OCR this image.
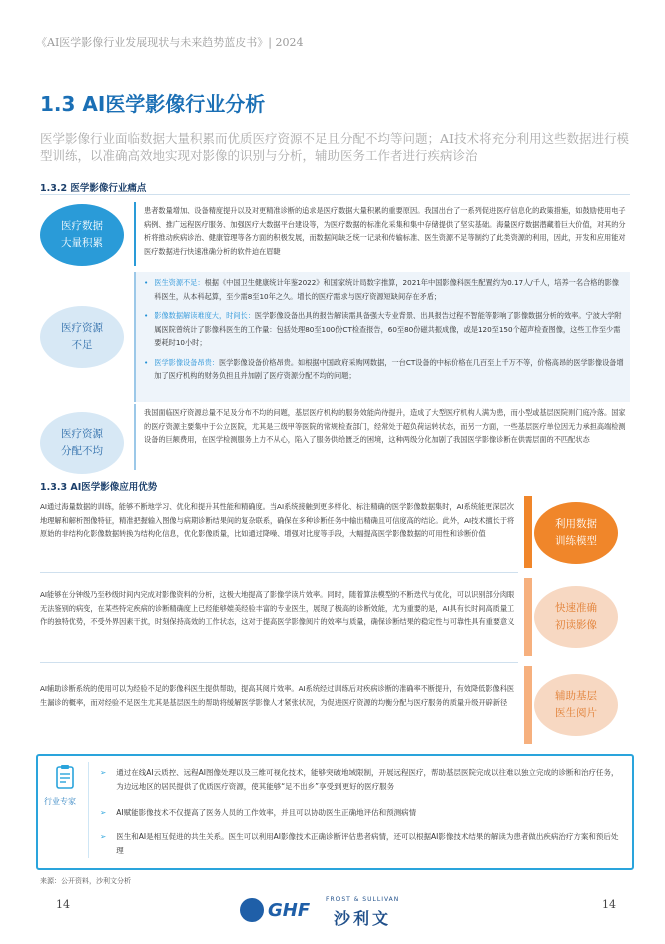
《AI医学影像行业发展现状与未来趋势蓝皮书》| 2024
1.3 AI医学影像行业分析
医学影像行业面临数据大量积累而优质医疗资源不足且分配不均等问题；AI技术将充分利用这些数据进行模型训练，以准确高效地实现对影像的识别与分析，辅助医务工作者进行疾病诊治
1.3.2 医学影像行业痛点
医疗数据
大量积累
患者数量增加、设备精度提升以及对更精准诊断的追求是医疗数据大量积累的重要原因。我国出台了一系列促进医疗信息化的政策措施，如鼓励使用电子病例、推广远程医疗服务、加强医疗大数据平台建设等，为医疗数据的标准化采集和集中存储提供了坚实基础。海量医疗数据潜藏着巨大价值，对其的分析将推动疾病诊治、健康管理等各方面的积极发展，而数据间缺乏统一记录和传输标准、医生资源不足等制约了此类资源的利用，因此，开发和应用能对医疗数据进行快速准确分析的软件迫在眉睫
医疗资源
不足
• 医生资源不足：根据《中国卫生健康统计年鉴2022》和国家统计局数字推算，2021年中国影像科医生配置约为0.17人/千人，培养一名合格的影像科医生，从本科起算，至少需8至10年之久。增长的医疗需求与医疗资源短缺间存在矛盾；
• 影像数据解读难度大，时间长：医学影像设备出具的报告解读需具备强大专业背景、出具报告过程不智能等影响了影像数据分析的效率。宁波大学附属医院曾统计了影像科医生的工作量：包括处理80至100份CT检查报告，60至80份磁共振成像，或是120至150个超声检查图像，这些工作至少需要耗时10小时；
• 医学影像设备昂贵：医学影像设备价格昂贵。如根据中国政府采购网数据，一台CT设备的中标价格在几百至上千万不等，价格高昂的医学影像设备增加了医疗机构的财务负担且并加剧了医疗资源分配不均的问题；
医疗资源
分配不均
我国面临医疗资源总量不足及分布不均的问题，基层医疗机构的服务效能尚待提升，造成了大型医疗机构人满为患，而小型或基层医院则门庭冷落。国家的医疗资源主要集中于公立医院，尤其是三级甲等医院的常规检查部门，经常处于超负荷运转状态，而另一方面，一些基层医疗单位因无力承担高端检测设备的巨额费用，在医学检测服务上力不从心，陷入了服务供给匮乏的困境，这种两级分化加剧了我国医学影像诊断在供需层面的不匹配状态
1.3.3 AI医学影像应用优势
AI通过海量数据的训练，能够不断地学习、优化和提升其性能和精确度。当AI系统接触到更多样化、标注精确的医学影像数据集时，AI系统能更深层次地理解和解析图像特征，精准把握输入图像与病期诊断结果间的复杂联系，确保在多种诊断任务中输出精确且可信度高的结论。此外，AI技术擅长于将原始的非结构化影像数据转换为结构化信息，优化影像质量，比如通过降噪、增强对比度等手段，大幅提高医学影像数据的可用性和诊断价值
利用数据
训练模型
AI能够在分钟级乃至秒级时间内完成对影像资料的分析，这极大地提高了影像学读片效率。同时，随着算法模型的不断迭代与优化，可以识别部分肉眼无法鉴别的病变，在某些特定疾病的诊断精确度上已经能够媲美经验丰富的专业医生，展现了极高的诊断效能，尤为重要的是，AI具有长时间高质量工作的独特优势，不受外界因素干扰，时刻保持高效的工作状态，这对于提高医学影像阅片的效率与质量，确保诊断结果的稳定性与可靠性具有重要意义
快速准确
初读影像
AI辅助诊断系统的使用可以为经验不足的影像科医生提供帮助，提高其阅片效率。AI系统经过训练后对疾病诊断的准确率不断提升，有效降低影像科医生漏诊的概率，而对经验不足医生尤其是基层医生的帮助将缓解医学影像人才紧张状况，为促进医疗资源的均衡分配与医疗服务的质量升级开辟新径	辅助基层
医生阅片
行业专家
➢ 通过在线AI云质控、远程AI图像处理以及三维可视化技术，能够突破地域限制，开展远程医疗，帮助基层医院完成以往难以独立完成的诊断和治疗任务，为边远地区的居民提供了优质医疗资源，使其能够“足不出乡”享受到更好的医疗服务
➢ AI赋能影像技术不仅提高了医务人员的工作效率，并且可以协助医生正确地评估和预测病情
➢ 医生和AI是相互促进的共生关系。医生可以利用AI影像技术正确诊断评估患者病情，还可以根据AI影像技术结果的解读为患者做出疾病治疗方案和预后处理
来源：公开资料，沙利文分析
14	14
GHF
FROST & SULLIVAN
沙利文
